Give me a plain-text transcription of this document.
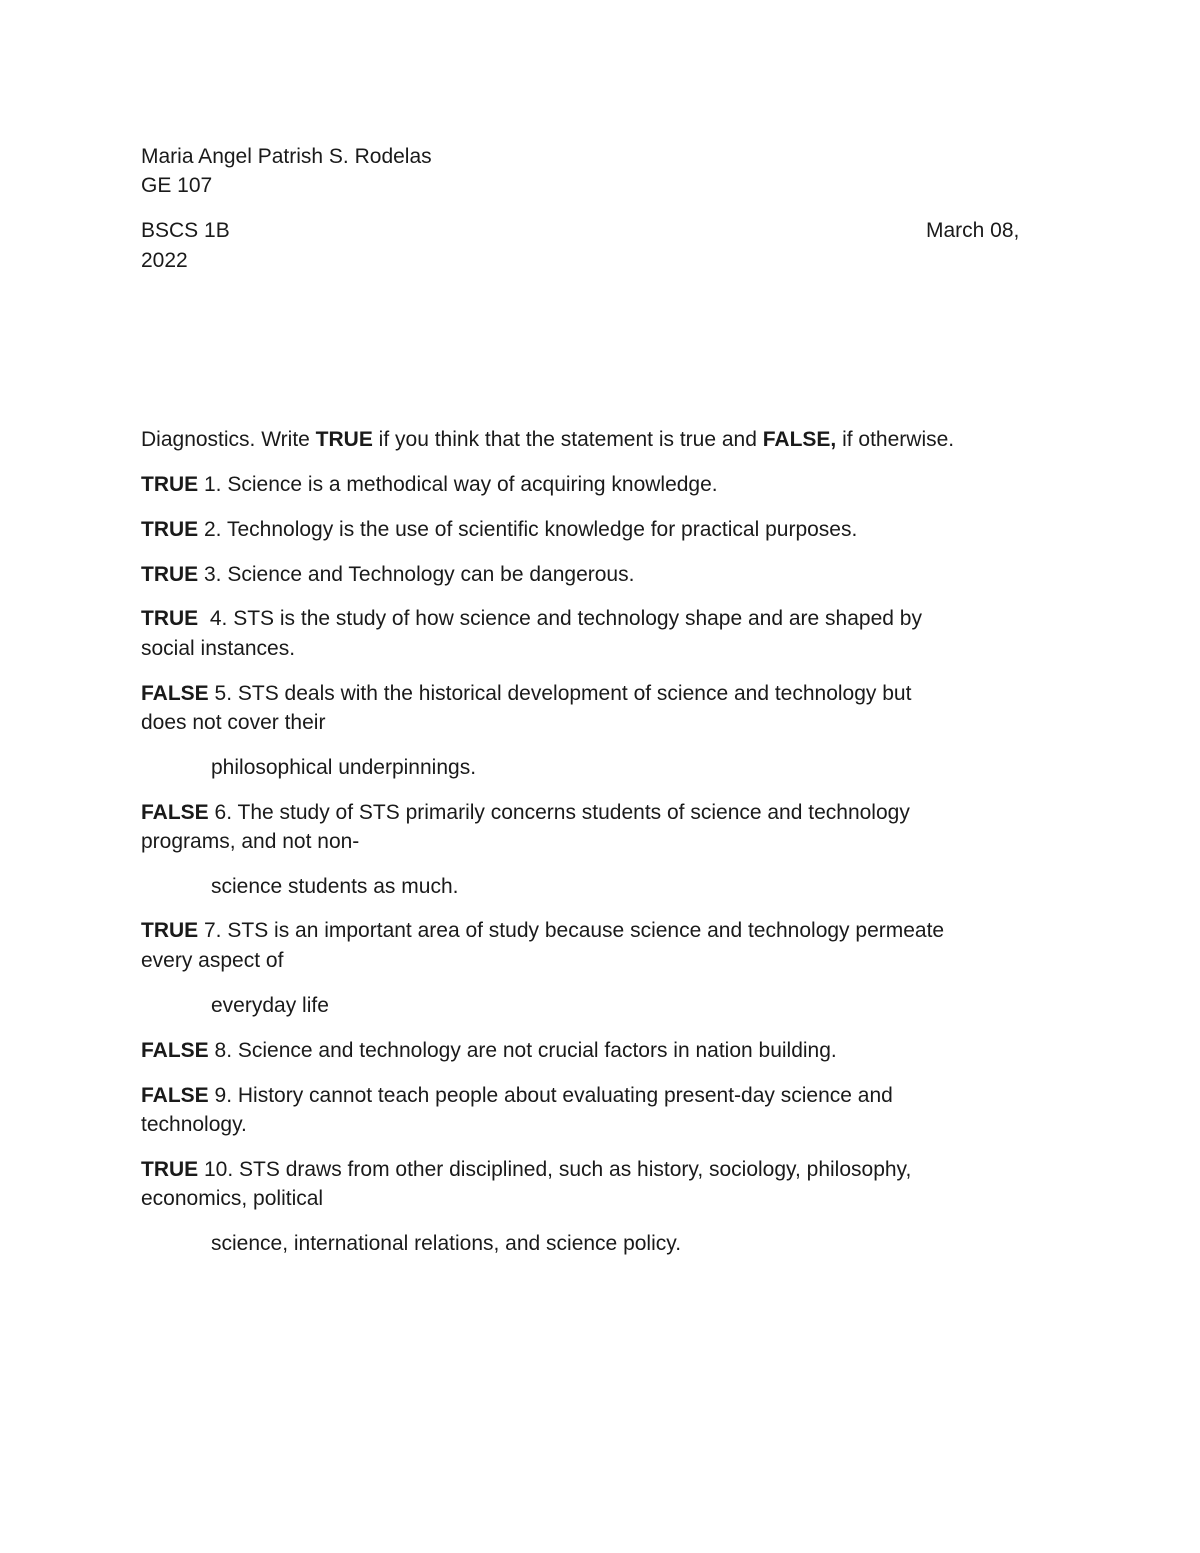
Maria Angel Patrish S. Rodelas
GE 107
BSCS 1B	March 08,
2022
Diagnostics. Write TRUE if you think that the statement is true and FALSE, if otherwise.
TRUE 1. Science is a methodical way of acquiring knowledge.
TRUE 2. Technology is the use of scientific knowledge for practical purposes.
TRUE 3. Science and Technology can be dangerous.
TRUE  4. STS is the study of how science and technology shape and are shaped by
social instances.
FALSE 5. STS deals with the historical development of science and technology but
does not cover their
philosophical underpinnings.
FALSE 6. The study of STS primarily concerns students of science and technology
programs, and not non-
science students as much.
TRUE 7. STS is an important area of study because science and technology permeate
every aspect of
everyday life
FALSE 8. Science and technology are not crucial factors in nation building.
FALSE 9. History cannot teach people about evaluating present-day science and
technology.
TRUE 10. STS draws from other disciplined, such as history, sociology, philosophy,
economics, political
science, international relations, and science policy.
